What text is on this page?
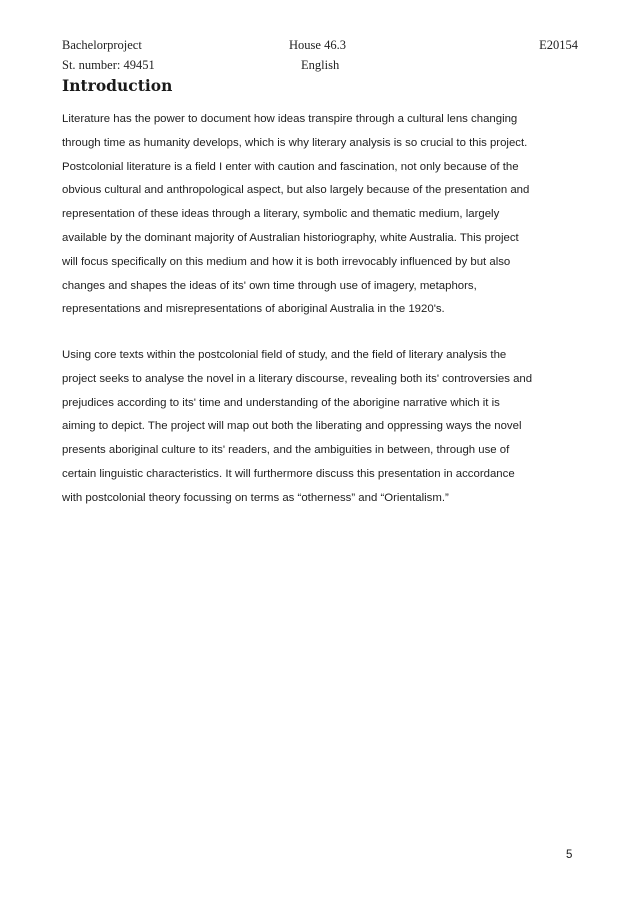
Bachelorproject	House 46.3	E20154
St. number: 49451	English
Introduction

Literature has the power to document how ideas transpire through a cultural lens changing
through time as humanity develops, which is why literary analysis is so crucial to this project.
Postcolonial literature is a field I enter with caution and fascination, not only because of the
obvious cultural and anthropological aspect, but also largely because of the presentation and
representation of these ideas through a literary, symbolic and thematic medium, largely
available by the dominant majority of Australian historiography, white Australia. This project
will focus specifically on this medium and how it is both irrevocably influenced by but also
changes and shapes the ideas of its' own time through use of imagery, metaphors,
representations and misrepresentations of aboriginal Australia in the 1920's.

Using core texts within the postcolonial field of study, and the field of literary analysis the
project seeks to analyse the novel in a literary discourse, revealing both its' controversies and
prejudices according to its' time and understanding of the aborigine narrative which it is
aiming to depict. The project will map out both the liberating and oppressing ways the novel
presents aboriginal culture to its' readers, and the ambiguities in between, through use of
certain linguistic characteristics. It will furthermore discuss this presentation in accordance
with postcolonial theory focussing on terms as “otherness” and “Orientalism.”

5
